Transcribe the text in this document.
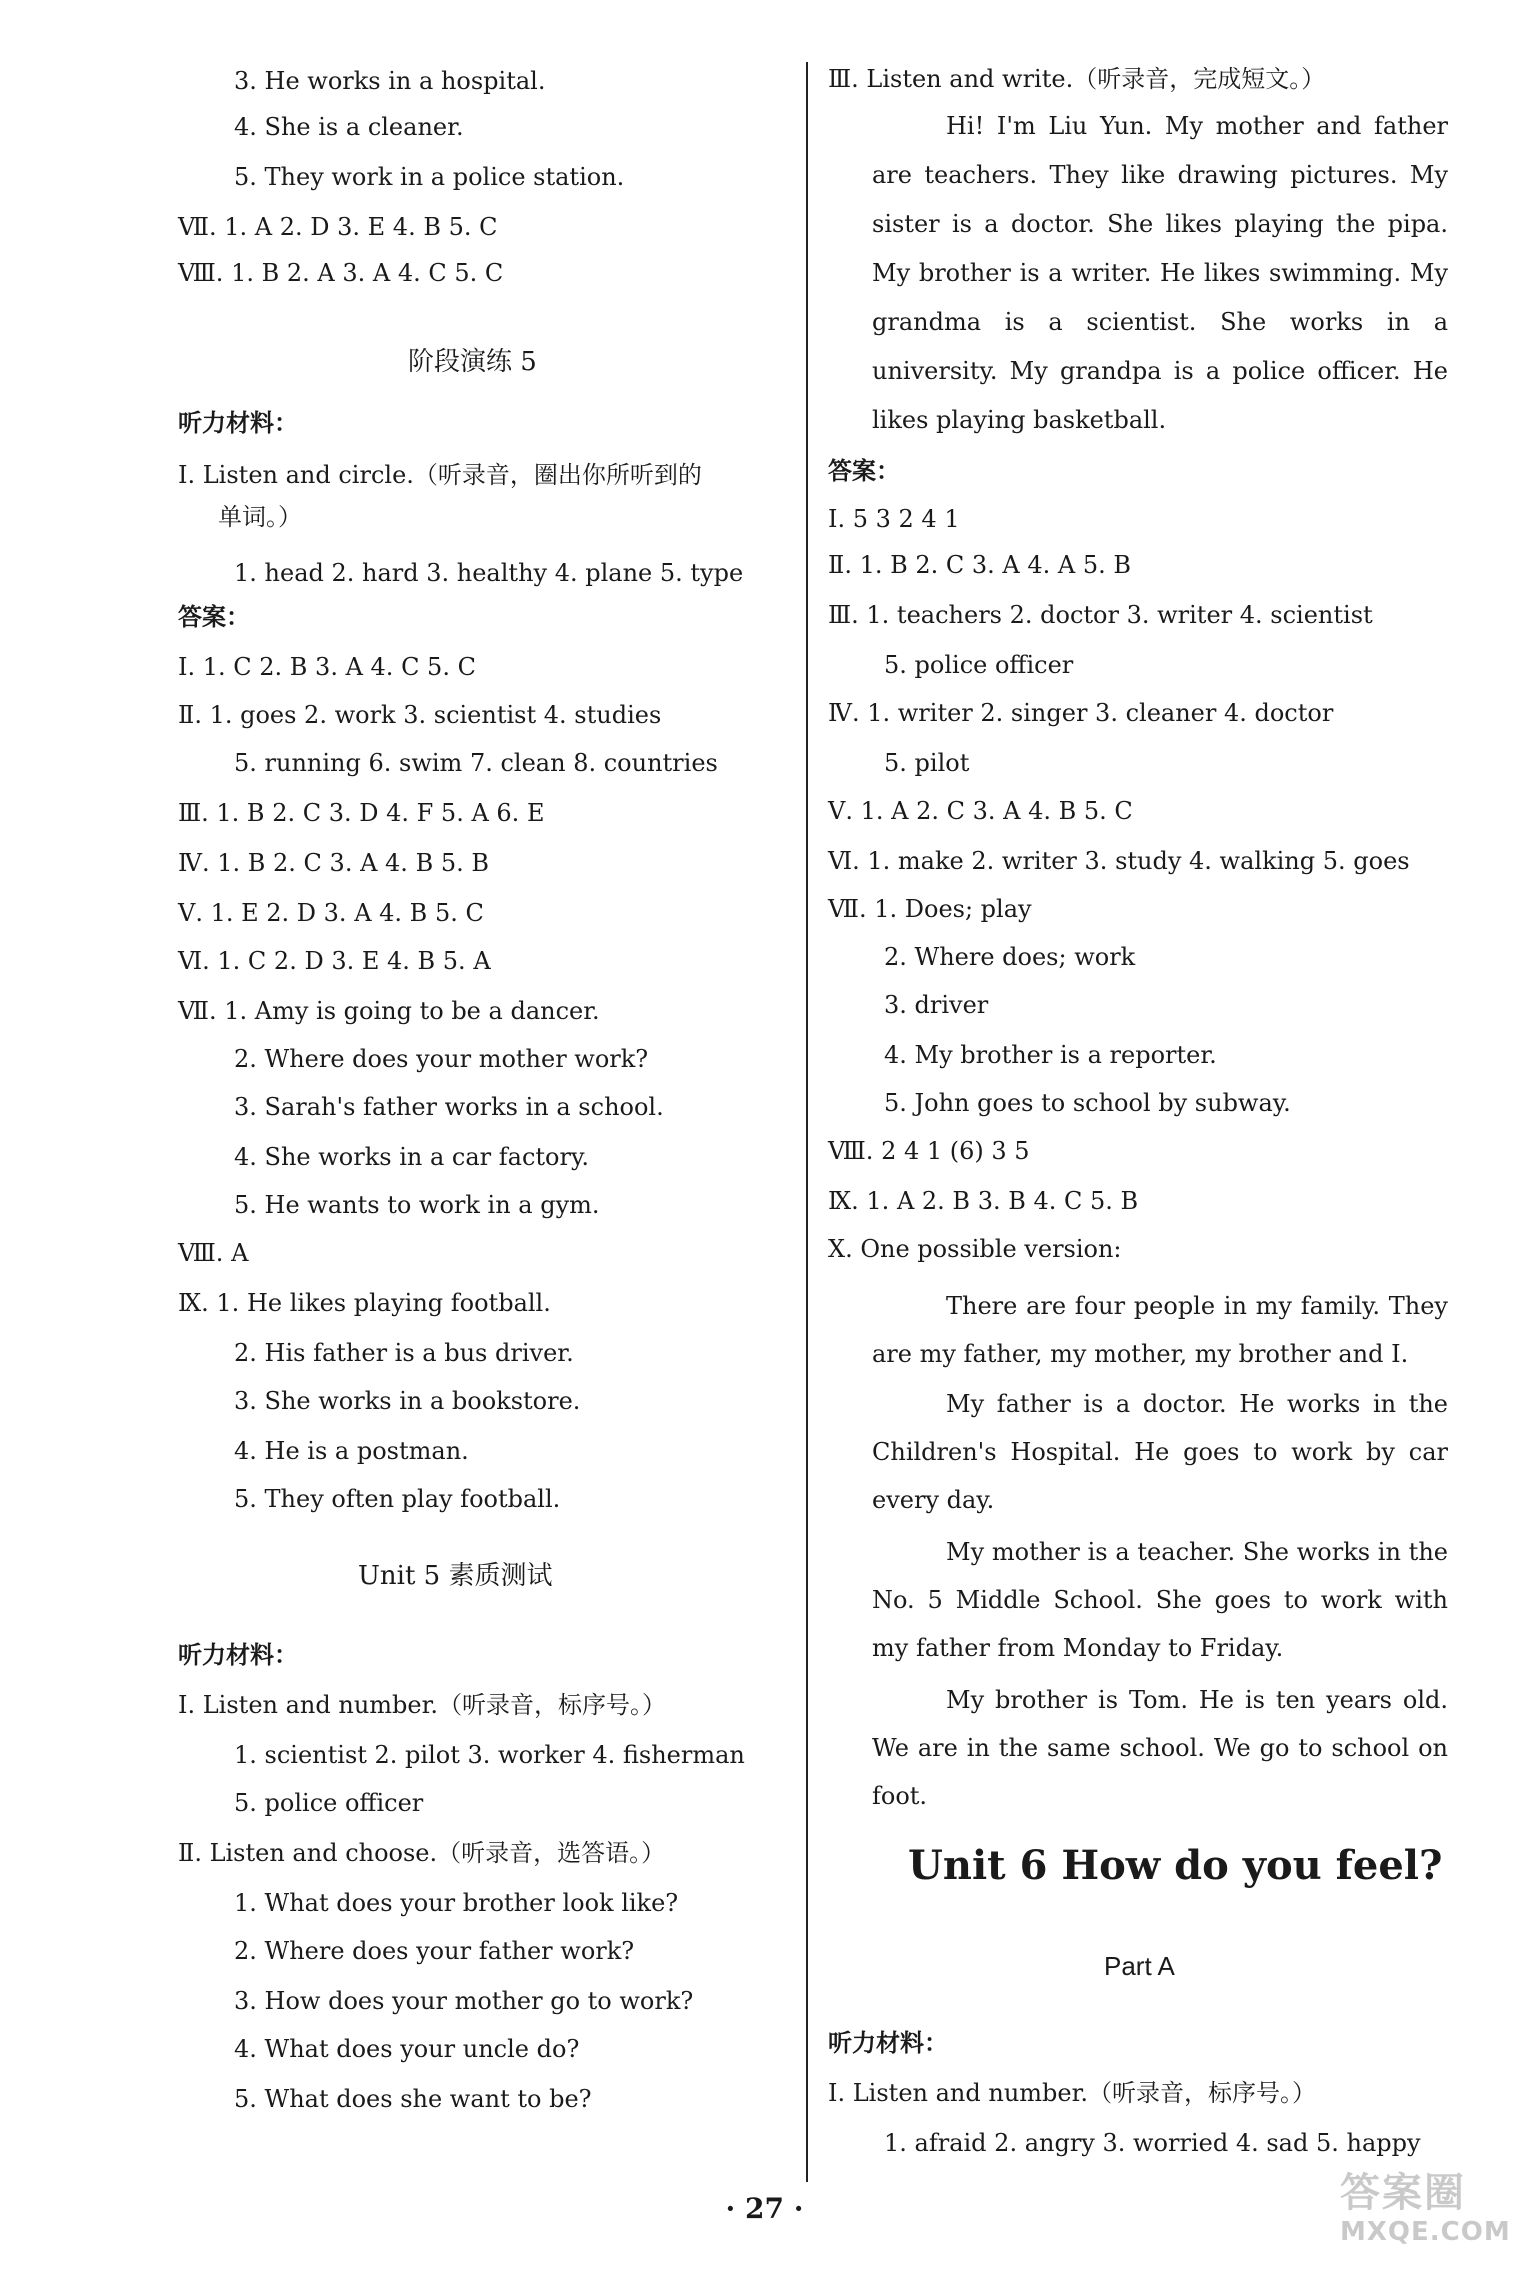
3. He works in a hospital.
4. She is a cleaner.
5. They work in a police station.
Ⅶ. 1. A 2. D 3. E 4. B 5. C
Ⅷ. 1. B 2. A 3. A 4. C 5. C
阶段演练 5
听力材料：
Ⅰ. Listen and circle.（听录音，圈出你所听到的
单词。）
1. head 2. hard 3. healthy 4. plane 5. type
答案：
Ⅰ. 1. C 2. B 3. A 4. C 5. C
Ⅱ. 1. goes 2. work 3. scientist 4. studies
5. running 6. swim 7. clean 8. countries
Ⅲ. 1. B 2. C 3. D 4. F 5. A 6. E
Ⅳ. 1. B 2. C 3. A 4. B 5. B
Ⅴ. 1. E 2. D 3. A 4. B 5. C
Ⅵ. 1. C 2. D 3. E 4. B 5. A
Ⅶ. 1. Amy is going to be a dancer.
2. Where does your mother work?
3. Sarah's father works in a school.
4. She works in a car factory.
5. He wants to work in a gym.
Ⅷ. A
Ⅸ. 1. He likes playing football.
2. His father is a bus driver.
3. She works in a bookstore.
4. He is a postman.
5. They often play football.
Unit 5 素质测试
听力材料：
Ⅰ. Listen and number.（听录音，标序号。）
1. scientist 2. pilot 3. worker 4. fisherman
5. police officer
Ⅱ. Listen and choose.（听录音，选答语。）
1. What does your brother look like?
2. Where does your father work?
3. How does your mother go to work?
4. What does your uncle do?
5. What does she want to be?
Ⅲ. Listen and write.（听录音，完成短文。）
Hi! I'm Liu Yun. My mother and father are teachers. They like drawing pictures. My sister is a doctor. She likes playing the pipa. My brother is a writer. He likes swimming. My grandma is a scientist. She works in a university. My grandpa is a police officer. He likes playing basketball.
答案：
Ⅰ. 5 3 2 4 1
Ⅱ. 1. B 2. C 3. A 4. A 5. B
Ⅲ. 1. teachers 2. doctor 3. writer 4. scientist
5. police officer
Ⅳ. 1. writer 2. singer 3. cleaner 4. doctor
5. pilot
Ⅴ. 1. A 2. C 3. A 4. B 5. C
Ⅵ. 1. make 2. writer 3. study 4. walking 5. goes
Ⅶ. 1. Does; play
2. Where does; work
3. driver
4. My brother is a reporter.
5. John goes to school by subway.
Ⅷ. 2 4 1 (6) 3 5
Ⅸ. 1. A 2. B 3. B 4. C 5. B
Ⅹ. One possible version:
There are four people in my family. They are my father, my mother, my brother and I.
My father is a doctor. He works in the Children's Hospital. He goes to work by car every day.
My mother is a teacher. She works in the No. 5 Middle School. She goes to work with my father from Monday to Friday.
My brother is Tom. He is ten years old. We are in the same school. We go to school on foot.
Unit 6 How do you feel?
Part A
听力材料：
Ⅰ. Listen and number.（听录音，标序号。）
1. afraid 2. angry 3. worried 4. sad 5. happy
· 27 ·	答案圈
MXQE.COM
